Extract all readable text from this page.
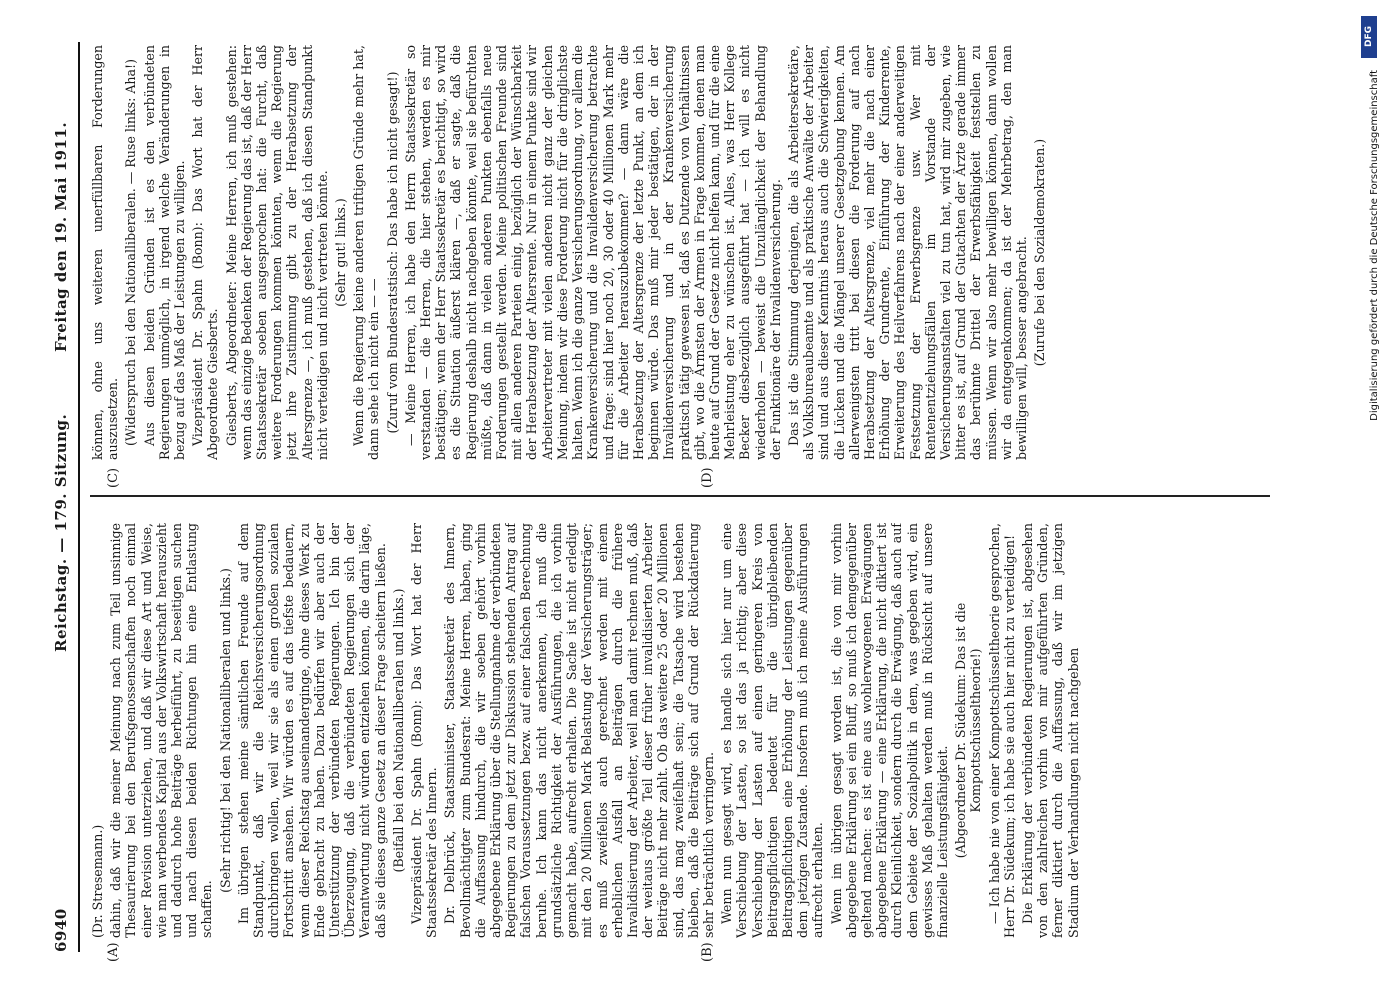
6940
Reichstag. — 179. Sitzung.
Freitag den 19. Mai 1911.
(A)	(B)
(C)	(D)

(Dr. Stresemann.) dahin, daß wir die meiner Meinung nach zum Teil unsinnige Thesaurierung bei den Berufsgenossenschaften noch einmal einer Revision unterziehen, und daß wir diese Art und Weise, wie man werbendes Kapital aus der Volkswirtschaft herauszieht und dadurch hohe Beiträge herbeiführt, zu beseitigen suchen und nach diesen beiden Richtungen hin eine Entlastung schaffen.

(Sehr richtig! bei den Nationalliberalen und links.) Im übrigen stehen meine sämtlichen Freunde auf dem Standpunkt, daß wir die Reichsversicherungsordnung durchbringen wollen, weil wir sie als einen großen sozialen Fortschritt ansehen. Wir würden es auf das tiefste bedauern, wenn dieser Reichstag auseinanderginge, ohne dieses Werk zu Ende gebracht zu haben. Dazu bedürfen wir aber auch der Unterstützung der verbündeten Regierungen. Ich bin der Überzeugung, daß die verbündeten Regierungen sich der Verantwortung nicht würden entziehen können, die darin läge, daß sie dieses ganze Gesetz an dieser Frage scheitern ließen. (Beifall bei den Nationalliberalen und links.) Vizepräsident Dr. Spahn (Bonn): Das Wort hat der Herr Staatssekretär des Innern. Dr. Delbrück, Staatsminister, Staatssekretär des Innern, Bevollmächtigter zum Bundesrat: Meine Herren, haben, ging die Auffassung hindurch, die wir soeben gehört vorhin abgegebene Erklärung über die Stellungnahme der verbündeten Regierungen zu dem jetzt zur Diskussion stehenden Antrag auf falschen Voraussetzungen bezw. auf einer falschen Berechnung beruhe. Ich kann das nicht anerkennen, ich muß die grundsätzliche Richtigkeit der Ausführungen, die ich vorhin gemacht habe, aufrecht erhalten. Die Sache ist nicht erledigt mit den 20 Millionen Mark Belastung der Versicherungsträger; es muß zweifellos auch gerechnet werden mit einem erheblichen Ausfall an Beiträgen durch die frühere Invalidisierung der Arbeiter, weil man damit rechnen muß, daß der weitaus größte Teil dieser früher invalidisierten Arbeiter Beiträge nicht mehr zahlt. Ob das weitere 25 oder 20 Millionen sind, das mag zweifelhaft sein; die Tatsache wird bestehen bleiben, daß die Beiträge sich auf Grund der Rückdatierung sehr beträchtlich verringern. Wenn nun gesagt wird, es handle sich hier nur um eine Verschiebung der Lasten, so ist das ja richtig; aber diese Verschiebung der Lasten auf einen geringeren Kreis von Beitragspflichtigen bedeutet für die übrigbleibenden Beitragspflichtigen eine Erhöhung der Leistungen gegenüber dem jetzigen Zustande. Insofern muß ich meine Ausführungen aufrecht erhalten. Wenn im übrigen gesagt worden ist, die von mir vorhin abgegebene Erklärung sei ein Bluff, so muß ich demgegenüber geltend machen: es ist eine aus wohlerwogenen Erwägungen abgegebene Erklärung — eine Erklärung, die nicht diktiert ist durch Kleinlichkeit, sondern durch die Erwägung, daß auch auf dem Gebiete der Sozialpolitik in dem, was gegeben wird, ein gewisses Maß gehalten werden muß in Rücksicht auf unsere finanzielle Leistungsfähigkeit. (Abgeordneter Dr. Südekum: Das ist die Kompottschüsseltheorie!) — Ich habe nie von einer Kompottschüsseltheorie gesprochen, Herr Dr. Südekum; ich habe sie auch hier nicht zu verteidigen! Die Erklärung der verbündeten Regierungen ist, abgesehen von den zahlreichen vorhin von mir aufgeführten Gründen, ferner diktiert durch die Auffassung, daß wir im jetzigen Stadium der Verhandlungen nicht nachgeben

können, ohne uns weiteren unerfüllbaren Forderungen auszusetzen. (Widerspruch bei den Nationalliberalen. — Ruse links: Aha!) Aus diesen beiden Gründen ist es den verbündeten Regierungen unmöglich, in irgend welche Veränderungen in bezug auf das Maß der Leistungen zu willigen. Vizepräsident Dr. Spahn (Bonn): Das Wort hat der Herr Abgeordnete Giesberts. Giesberts, Abgeordneter: Meine Herren, ich muß gestehen: wenn das einzige Bedenken der Regierung das ist, daß der Herr Staatssekretär soeben ausgesprochen hat: die Furcht, daß weitere Forderungen kommen könnten, wenn die Regierung jetzt ihre Zustimmung gibt zu der Herabsetzung der Altersgrenze —, ich muß gestehen, daß ich diesen Standpunkt nicht verteidigen und nicht vertreten könnte. (Sehr gut! links.) Wenn die Regierung keine anderen triftigen Gründe mehr hat, dann sehe ich nicht ein — — (Zuruf vom Bundesratstisch: Das habe ich nicht gesagt!) — Meine Herren, ich habe den Herrn Staatssekretär so verstanden — die Herren, die hier stehen, werden es mir bestätigen; wenn der Herr Staatssekretär es berichtigt, so wird es die Situation äußerst klären —, daß er sagte, daß die Regierung deshalb nicht nachgeben könnte, weil sie befürchten müßte, daß dann in vielen anderen Punkten ebenfalls neue Forderungen gestellt werden. Meine politischen Freunde sind mit allen anderen Parteien einig, bezüglich der Wünschbarkeit der Herabsetzung der Altersrente. Nur in einem Punkte sind wir Arbeitervertreter mit vielen anderen nicht ganz der gleichen Meinung, indem wir diese Forderung nicht für die dringlichste halten. Wenn ich die ganze Versicherungsordnung, vor allem die Krankenversicherung und die Invalidenversicherung betrachte und frage: sind hier noch 20, 30 oder 40 Millionen Mark mehr für die Arbeiter herauszubekommen? — dann wäre die Herabsetzung der Altersgrenze der letzte Punkt, an dem ich beginnen würde. Das muß mir jeder bestätigen, der in der Invalidenversicherung und in der Krankenversicherung praktisch tätig gewesen ist, daß es Dutzende von Verhältnissen gibt, wo die Ärmsten der Armen in Frage kommen, denen man heute auf Grund der Gesetze nicht helfen kann, und für die eine Mehrleistung eher zu wünschen ist. Alles, was Herr Kollege Becker diesbezüglich ausgeführt hat — ich will es nicht wiederholen — beweist die Unzulänglichkeit der Behandlung der Funktionäre der Invalidenversicherung. Das ist die Stimmung derjenigen, die als Arbeitersekretäre, als Volksbureaubeamte und als praktische Anwälte der Arbeiter sind und aus dieser Kenntnis heraus auch die Schwierigkeiten, die Lücken und die Mängel unserer Gesetzgebung kennen. Am allerwenigsten tritt bei diesen die Forderung auf nach Herabsetzung der Altersgrenze, viel mehr die nach einer Erhöhung der Grundrente, Einführung der Kinderrente, Erweiterung des Heilverfahrens nach der einer anderweitigen Festsetzung der Erwerbsgrenze usw. Wer mit Rentenentziehungsfällen im Vorstande der Versicherungsanstalten viel zu tun hat, wird mir zugeben, wie bitter es ist, auf Grund der Gutachten der Ärzte gerade immer das berühmte Drittel der Erwerbsfähigkeit feststellen zu müssen. Wenn wir also mehr bewilligen können, dann wollen wir da entgegenkommen; da ist der Mehrbetrag, den man bewilligen will, besser angebracht. (Zurufe bei den Sozialdemokraten.)

DFG
Digitalisierung gefördert durch die Deutsche Forschungsgemeinschaft
